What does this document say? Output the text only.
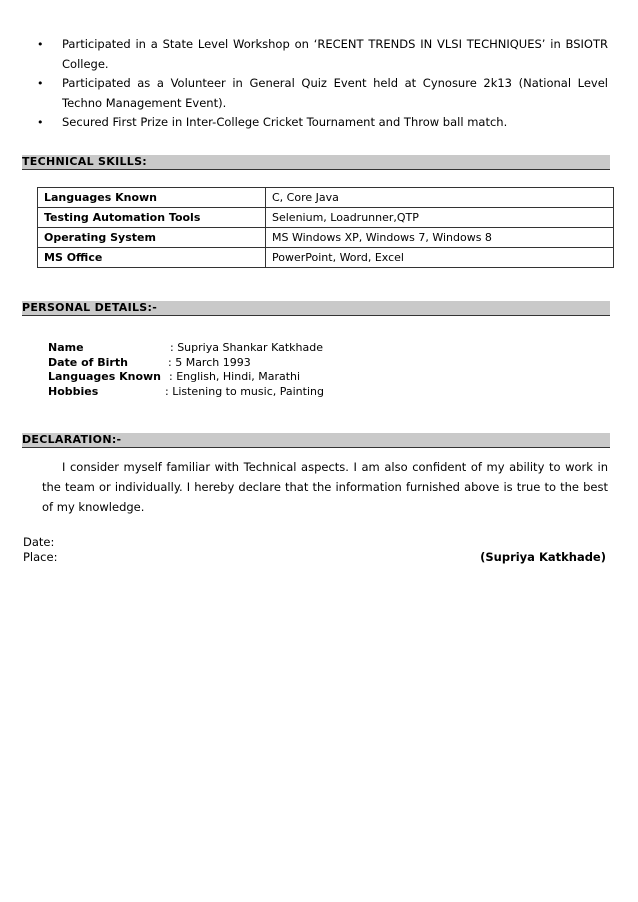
• Participated in a State Level Workshop on ‘RECENT TRENDS IN VLSI TECHNIQUES’ in BSIOTR College.
• Participated as a Volunteer in General Quiz Event held at Cynosure 2k13 (National Level Techno Management Event).
• Secured First Prize in Inter-College Cricket Tournament and Throw ball match.
TECHNICAL SKILLS:
Languages Known	C, Core Java
Testing Automation Tools	Selenium, Loadrunner,QTP
Operating System	MS Windows XP, Windows 7, Windows 8
MS Office	PowerPoint, Word, Excel
PERSONAL DETAILS:-
Name	: Supriya Shankar Katkhade
Date of Birth	: 5 March 1993
Languages Known : English, Hindi, Marathi
Hobbies	: Listening to music, Painting
DECLARATION:-
I consider myself familiar with Technical aspects. I am also confident of my ability to work in the team or individually. I hereby declare that the information furnished above is true to the best of my knowledge.
Date:
Place:	(Supriya Katkhade)
